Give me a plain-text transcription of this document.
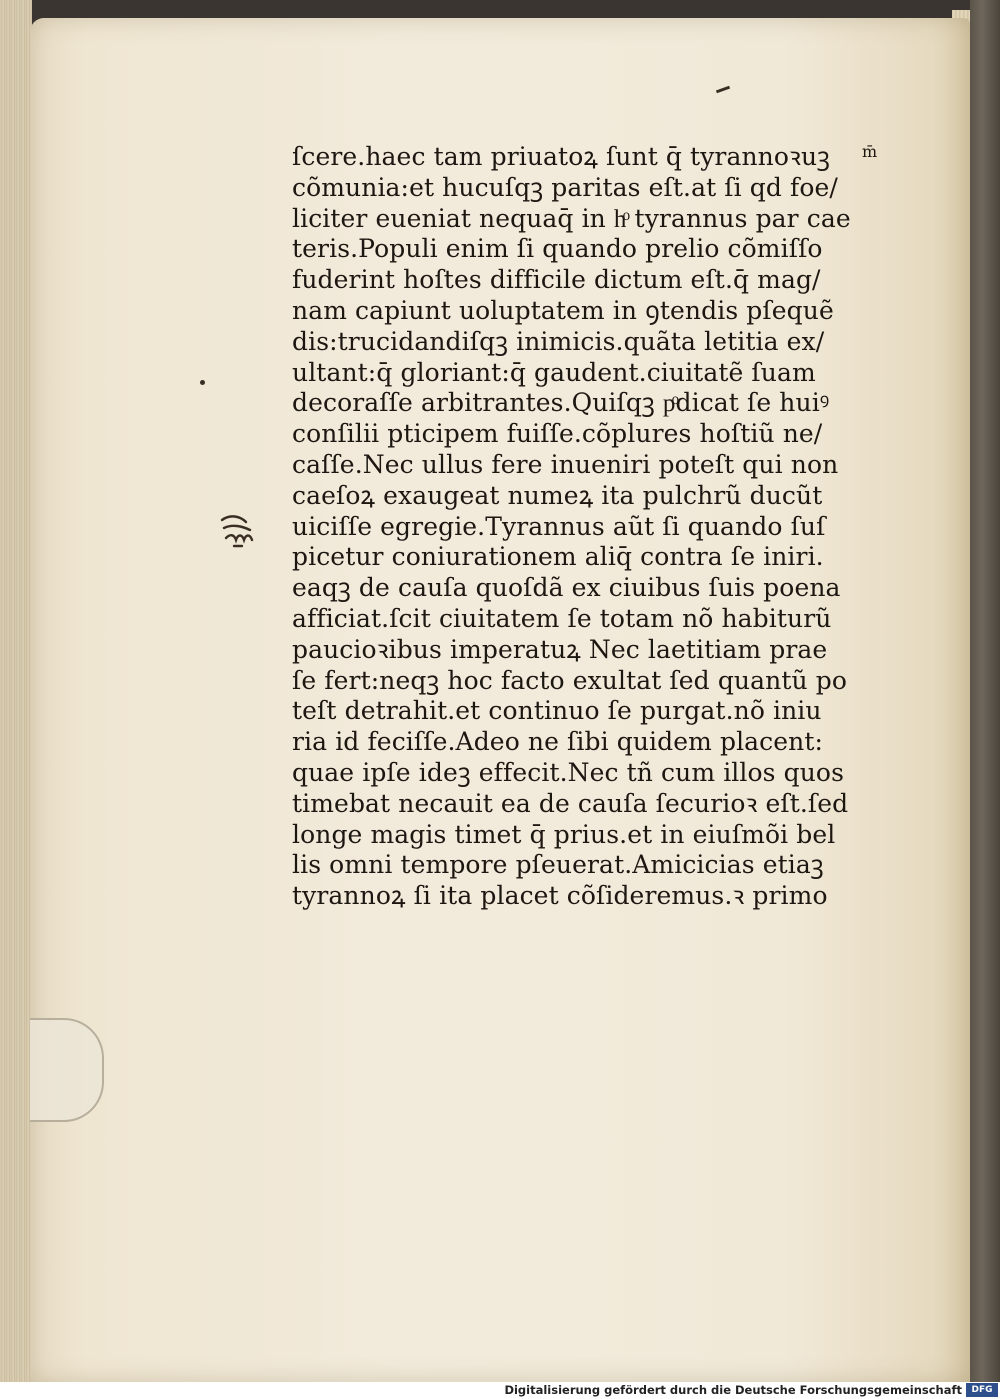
m̄
ſcere.haec tam priuatoꝝ ſunt q̄ tyrannoꝛuꝫ
cõmunia:et hucuſqꝫ paritas eſt.at ſi qd foe/
liciter eueniat nequaq̄ in hͦ tyrannus par cae
teris.Populi enim ſi quando prelio cõmiſſo
fuderint hoſtes difficile dictum eſt.q̄ mag/
nam capiunt uoluptatem in ꝯtendis pſequẽ
dis:trucidandiſqꝫ inimicis.quãta letitia ex/
ultant:q̄ gloriant:q̄ gaudent.ciuitatẽ ſuam
decoraſſe arbitrantes.Quiſqꝫ pͦdicat ſe huiꝰ
conſilii pticipem fuiſſe.cõplures hoſtiũ ne/
caſſe.Nec ullus fere inueniri poteſt qui non
caeſoꝝ exaugeat numeꝝ ita pulchrũ ducũt
uiciſſe egregie.Tyrannus aũt ſi quando ſuſ
picetur coniurationem aliq̄ contra ſe iniri.
eaqꝫ de cauſa quoſdã ex ciuibus ſuis poena
afficiat.ſcit ciuitatem ſe totam nõ habiturũ
paucioꝛibus imperatuꝝ Nec laetitiam prae
ſe fert:neqꝫ hoc facto exultat ſed quantũ po
teſt detrahit.et continuo ſe purgat.nõ iniu
ria id feciſſe.Adeo ne ſibi quidem placent:
quae ipſe ideꝫ effecit.Nec tñ cum illos quos
timebat necauit ea de cauſa ſecurioꝛ eſt.ſed
longe magis timet q̄ prius.et in eiuſmõi bel
lis omni tempore pſeuerat.Amicicias etiaꝫ
tyrannoꝝ ſi ita placet cõſideremus.ꝛ primo
Digitalisierung gefördert durch die Deutsche Forschungsgemeinschaft	DFG
